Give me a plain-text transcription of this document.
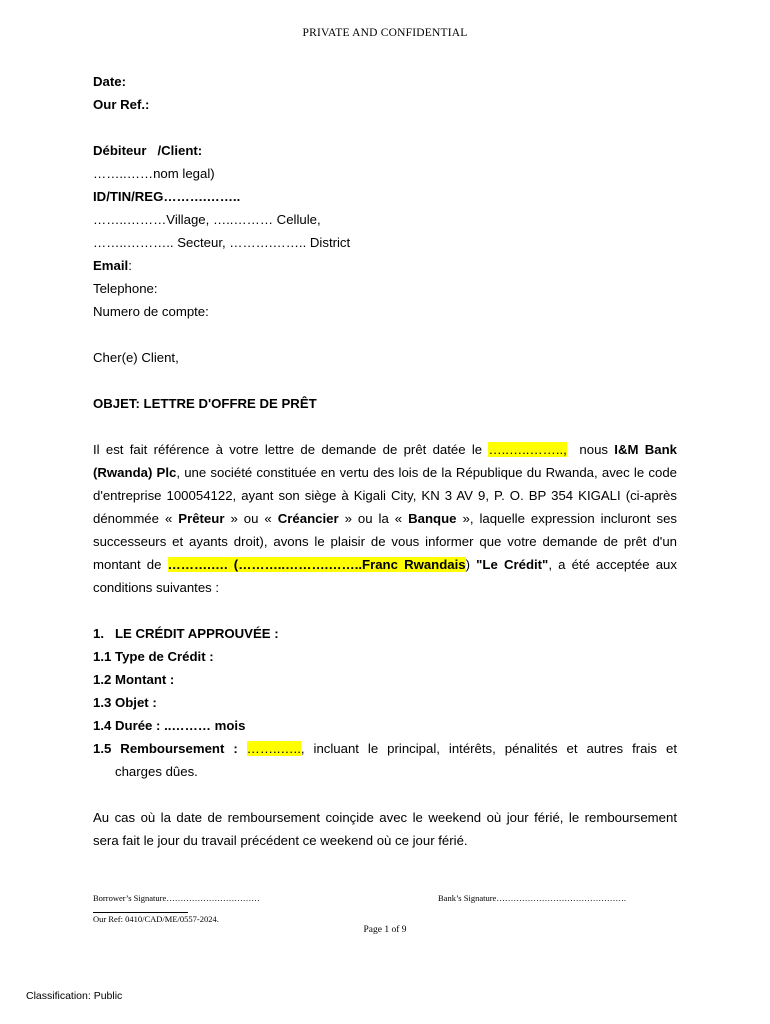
PRIVATE AND CONFIDENTIAL
Date:
Our Ref.:
Débiteur   /Client:
……..……nom legal)
ID/TIN/REG……….……..
……..………Village, …..……… Cellule,
……..……….. Secteur, ……….…….. District
Email:
Telephone:
Numero de compte:
Cher(e) Client,
OBJET: LETTRE D'OFFRE DE PRÊT
Il est fait référence à votre lettre de demande de prêt datée le …..…..……..,  nous I&M Bank (Rwanda) Plc, une société constituée en vertu des lois de la République du Rwanda, avec le code d'entreprise 100054122, ayant son siège à Kigali City, KN 3 AV 9, P. O. BP 354 KIGALI (ci-après dénommée « Prêteur » ou « Créancier » ou la « Banque », laquelle expression incluront ses successeurs et ayants droit), avons le plaisir de vous informer que votre demande de prêt d'un montant de ……….…. (………..……….……..Franc Rwandais) "Le Crédit", a été acceptée aux conditions suivantes :
1.   LE CRÉDIT APPROUVÉE :
1.1 Type de Crédit :
1.2 Montant :
1.3 Objet :
1.4 Durée : ..……… mois
1.5 Remboursement : ……..….., incluant le principal, intérêts, pénalités et autres frais et
charges dûes.
Au cas où la date de remboursement coinçide avec le weekend où jour férié, le remboursement sera fait le jour du travail précédent ce weekend où ce jour férié.
Borrower’s Signature……………………………	Bank’s Signature……………………………………….
Our Ref: 0410/CAD/ME/0557-2024.
Page 1 of 9
Classification: Public
